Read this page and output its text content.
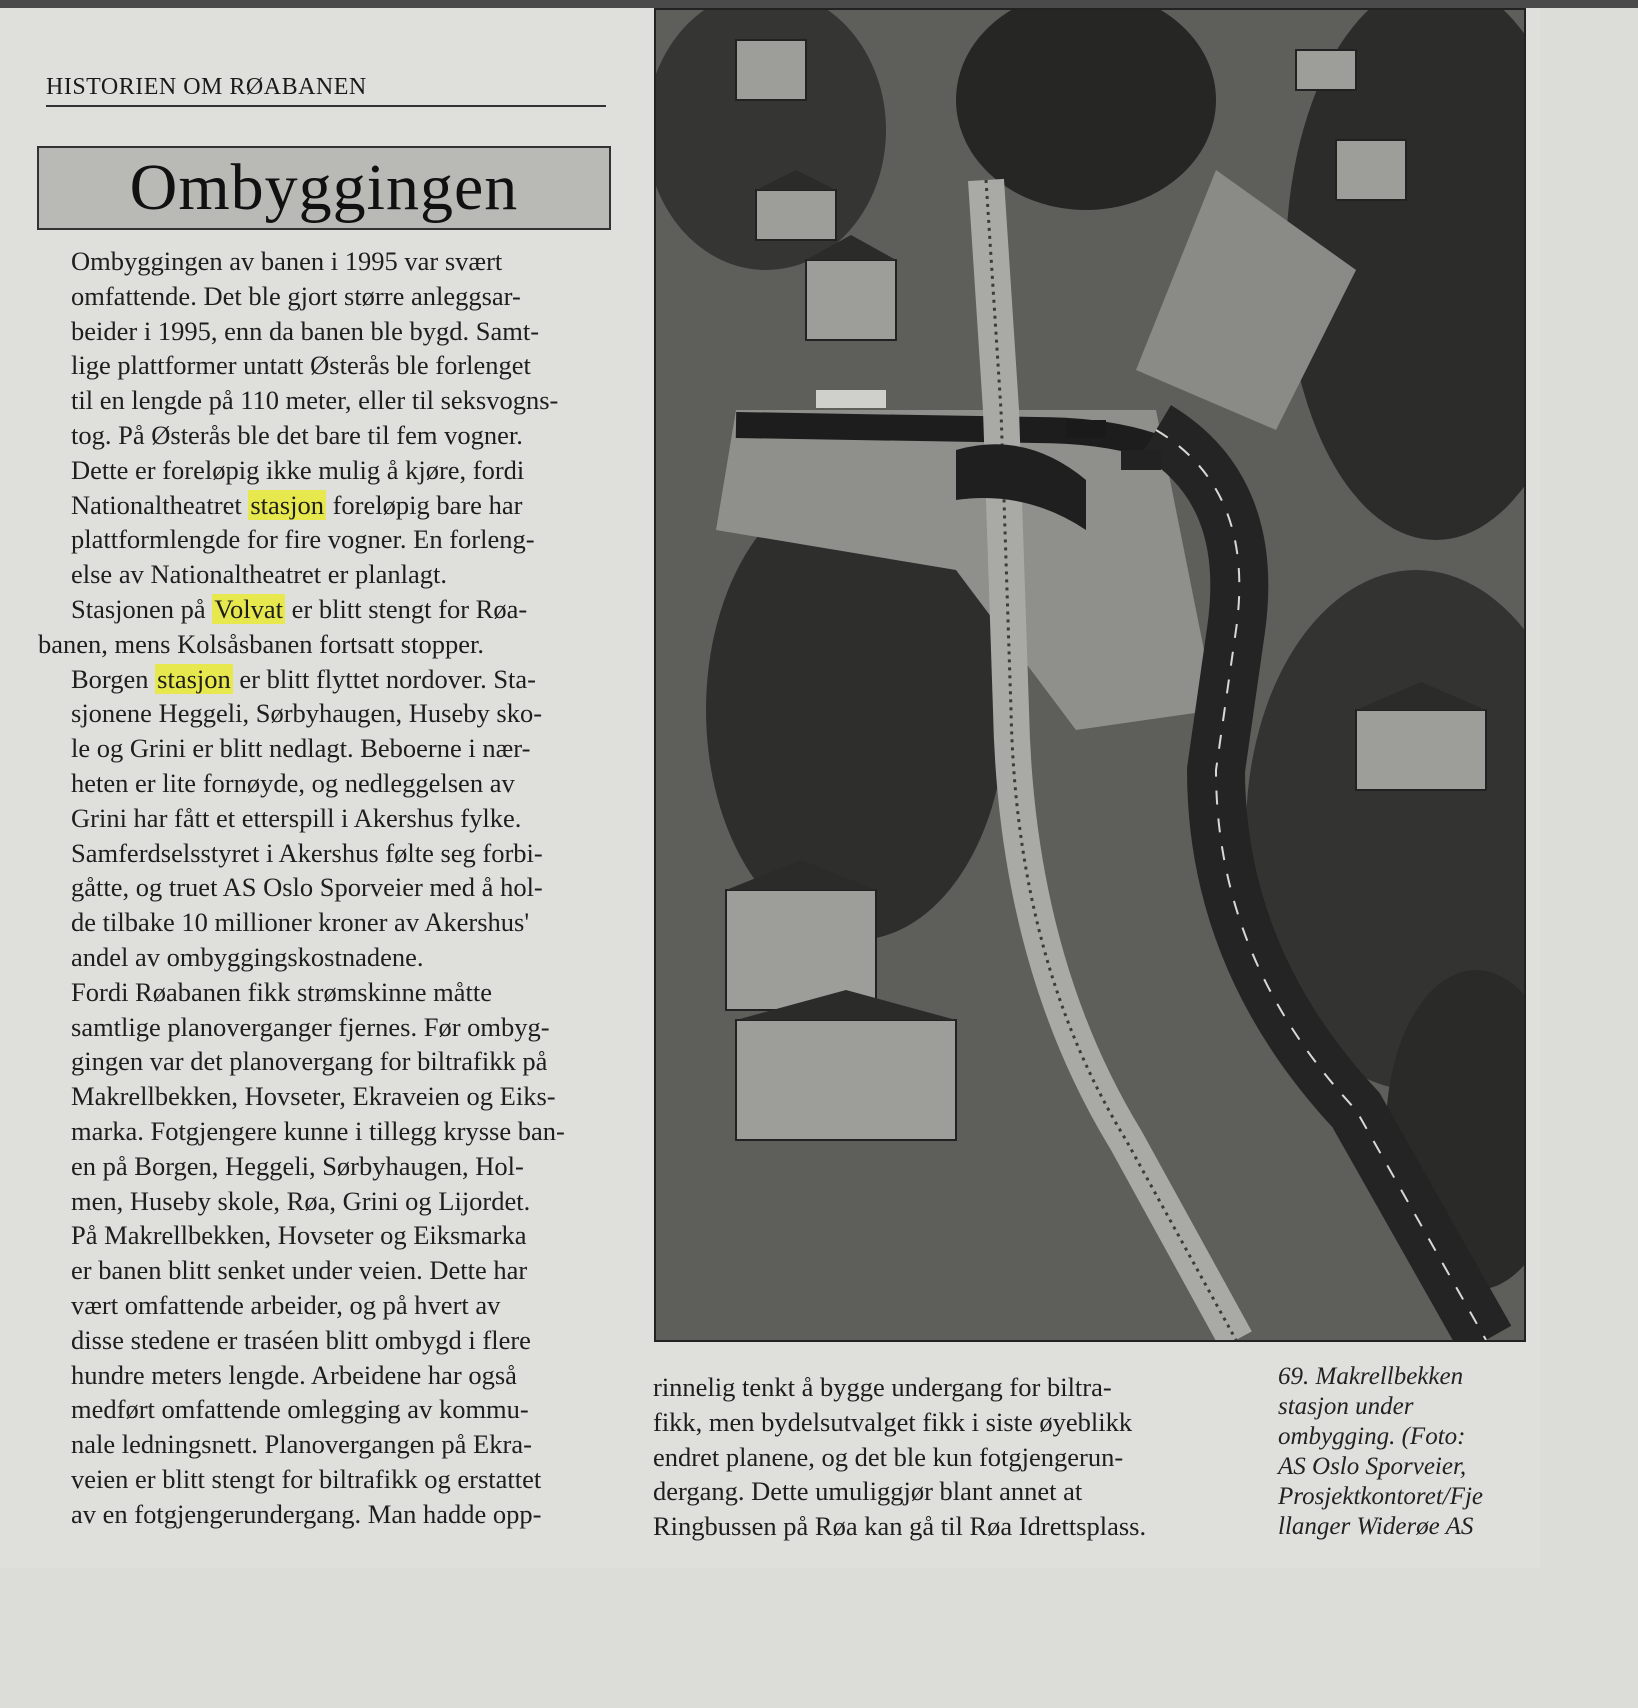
HISTORIEN OM RØABANEN
Ombyggingen

Ombyggingen av banen i 1995 var svært
omfattende. Det ble gjort større anleggsar-
beider i 1995, enn da banen ble bygd. Samt-
lige plattformer untatt Østerås ble forlenget
til en lengde på 110 meter, eller til seksvogns-
tog. På Østerås ble det bare til fem vogner.
Dette er foreløpig ikke mulig å kjøre, fordi
Nationaltheatret stasjon foreløpig bare har
plattformlengde for fire vogner. En forleng-
else av Nationaltheatret er planlagt.

Stasjonen på Volvat er blitt stengt for Røa-
banen, mens Kolsåsbanen fortsatt stopper.
Borgen stasjon er blitt flyttet nordover. Sta-
sjonene Heggeli, Sørbyhaugen, Huseby sko-
le og Grini er blitt nedlagt. Beboerne i nær-
heten er lite fornøyde, og nedleggelsen av
Grini har fått et etterspill i Akershus fylke.
Samferdselsstyret i Akershus følte seg forbi-
gåtte, og truet AS Oslo Sporveier med å hol-
de tilbake 10 millioner kroner av Akershus'
andel av ombyggingskostnadene.

Fordi Røabanen fikk strømskinne måtte
samtlige planoverganger fjernes. Før ombyg-
gingen var det planovergang for biltrafikk på
Makrellbekken, Hovseter, Ekraveien og Eiks-
marka. Fotgjengere kunne i tillegg krysse ban-
en på Borgen, Heggeli, Sørbyhaugen, Hol-
men, Huseby skole, Røa, Grini og Lijordet.

På Makrellbekken, Hovseter og Eiksmarka
er banen blitt senket under veien. Dette har
vært omfattende arbeider, og på hvert av
disse stedene er traséen blitt ombygd i flere
hundre meters lengde. Arbeidene har også
medført omfattende omlegging av kommu-
nale ledningsnett. Planovergangen på Ekra-
veien er blitt stengt for biltrafikk og erstattet
av en fotgjengerundergang. Man hadde opp-

rinnelig tenkt å bygge undergang for biltra-
fikk, men bydelsutvalget fikk i siste øyeblikk
endret planene, og det ble kun fotgjengerun-
dergang. Dette umuliggjør blant annet at
Ringbussen på Røa kan gå til Røa Idrettsplass.

69. Makrellbekken
stasjon under
ombygging. (Foto:
AS Oslo Sporveier,
Prosjektkontoret/Fje
llanger Widerøe AS
